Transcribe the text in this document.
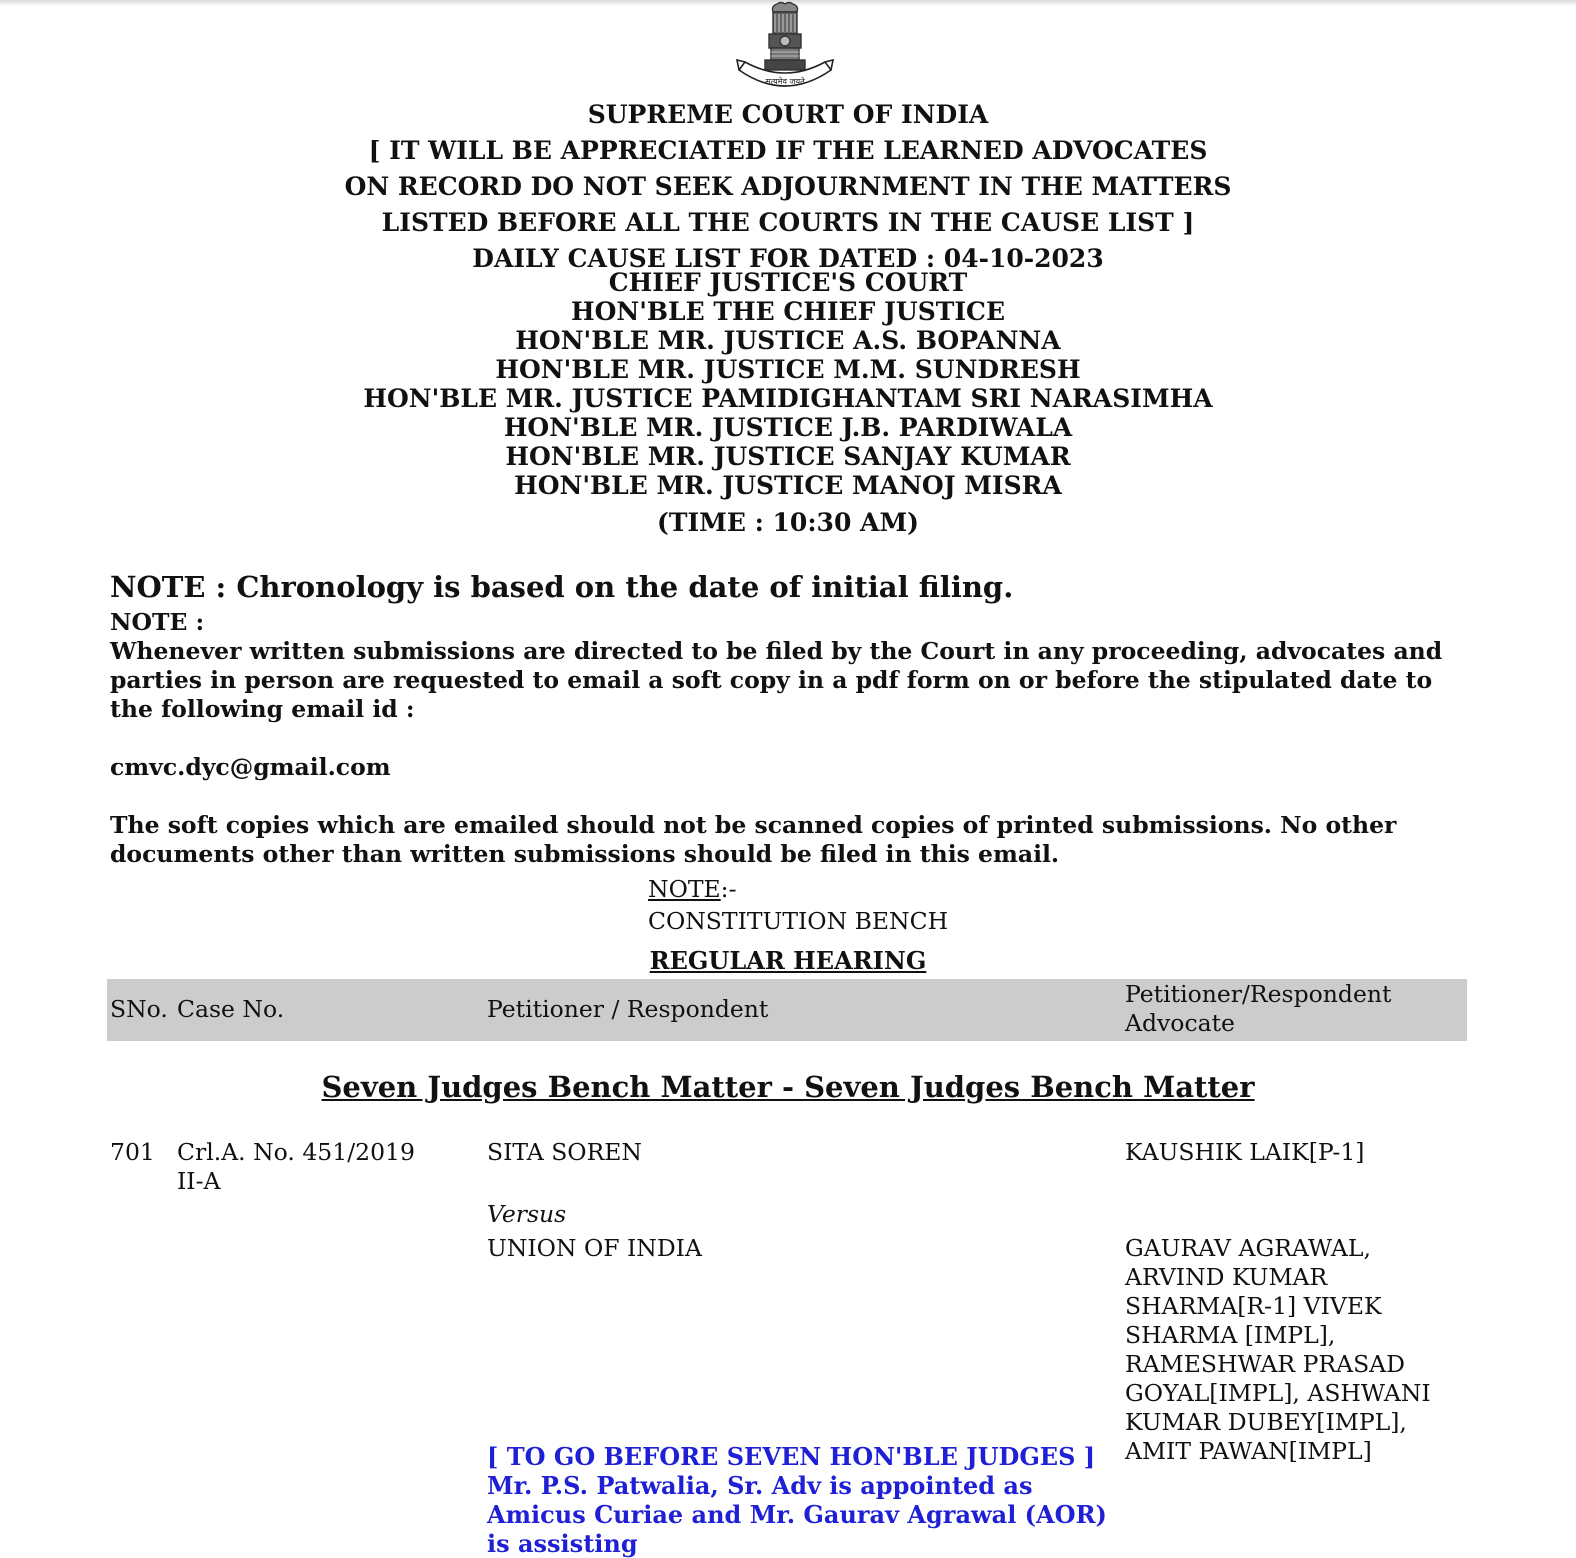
सत्यमेव जयते
SUPREME COURT OF INDIA
[ IT WILL BE APPRECIATED IF THE LEARNED ADVOCATES
ON RECORD DO NOT SEEK ADJOURNMENT IN THE MATTERS
LISTED BEFORE ALL THE COURTS IN THE CAUSE LIST ]
DAILY CAUSE LIST FOR DATED : 04-10-2023
CHIEF JUSTICE'S COURT
HON'BLE THE CHIEF JUSTICE
HON'BLE MR. JUSTICE A.S. BOPANNA
HON'BLE MR. JUSTICE M.M. SUNDRESH
HON'BLE MR. JUSTICE PAMIDIGHANTAM SRI NARASIMHA
HON'BLE MR. JUSTICE J.B. PARDIWALA
HON'BLE MR. JUSTICE SANJAY KUMAR
HON'BLE MR. JUSTICE MANOJ MISRA
(TIME : 10:30 AM)
NOTE : Chronology is based on the date of initial filing.

NOTE :

Whenever written submissions are directed to be filed by the Court in any proceeding, advocates and parties in person are requested to email a soft copy in a pdf form on or before the stipulated date to the following email id :

cmvc.dyc@gmail.com

The soft copies which are emailed should not be scanned copies of printed submissions. No other documents other than written submissions should be filed in this email.

NOTE:-
CONSTITUTION BENCH
REGULAR HEARING
SNo. Case No.	Petitioner / Respondent
Petitioner/Respondent
Advocate
Seven Judges Bench Matter - Seven Judges Bench Matter
701 Crl.A. No. 451/2019
II-A
SITA SOREN
Versus
UNION OF INDIA
KAUSHIK LAIK[P-1]
GAURAV AGRAWAL, ARVIND KUMAR SHARMA[R-1] VIVEK SHARMA [IMPL], RAMESHWAR PRASAD GOYAL[IMPL], ASHWANI KUMAR DUBEY[IMPL], AMIT PAWAN[IMPL]
[ TO GO BEFORE SEVEN HON'BLE JUDGES ] Mr. P.S. Patwalia, Sr. Adv is appointed as Amicus Curiae and Mr. Gaurav Agrawal (AOR) is assisting
